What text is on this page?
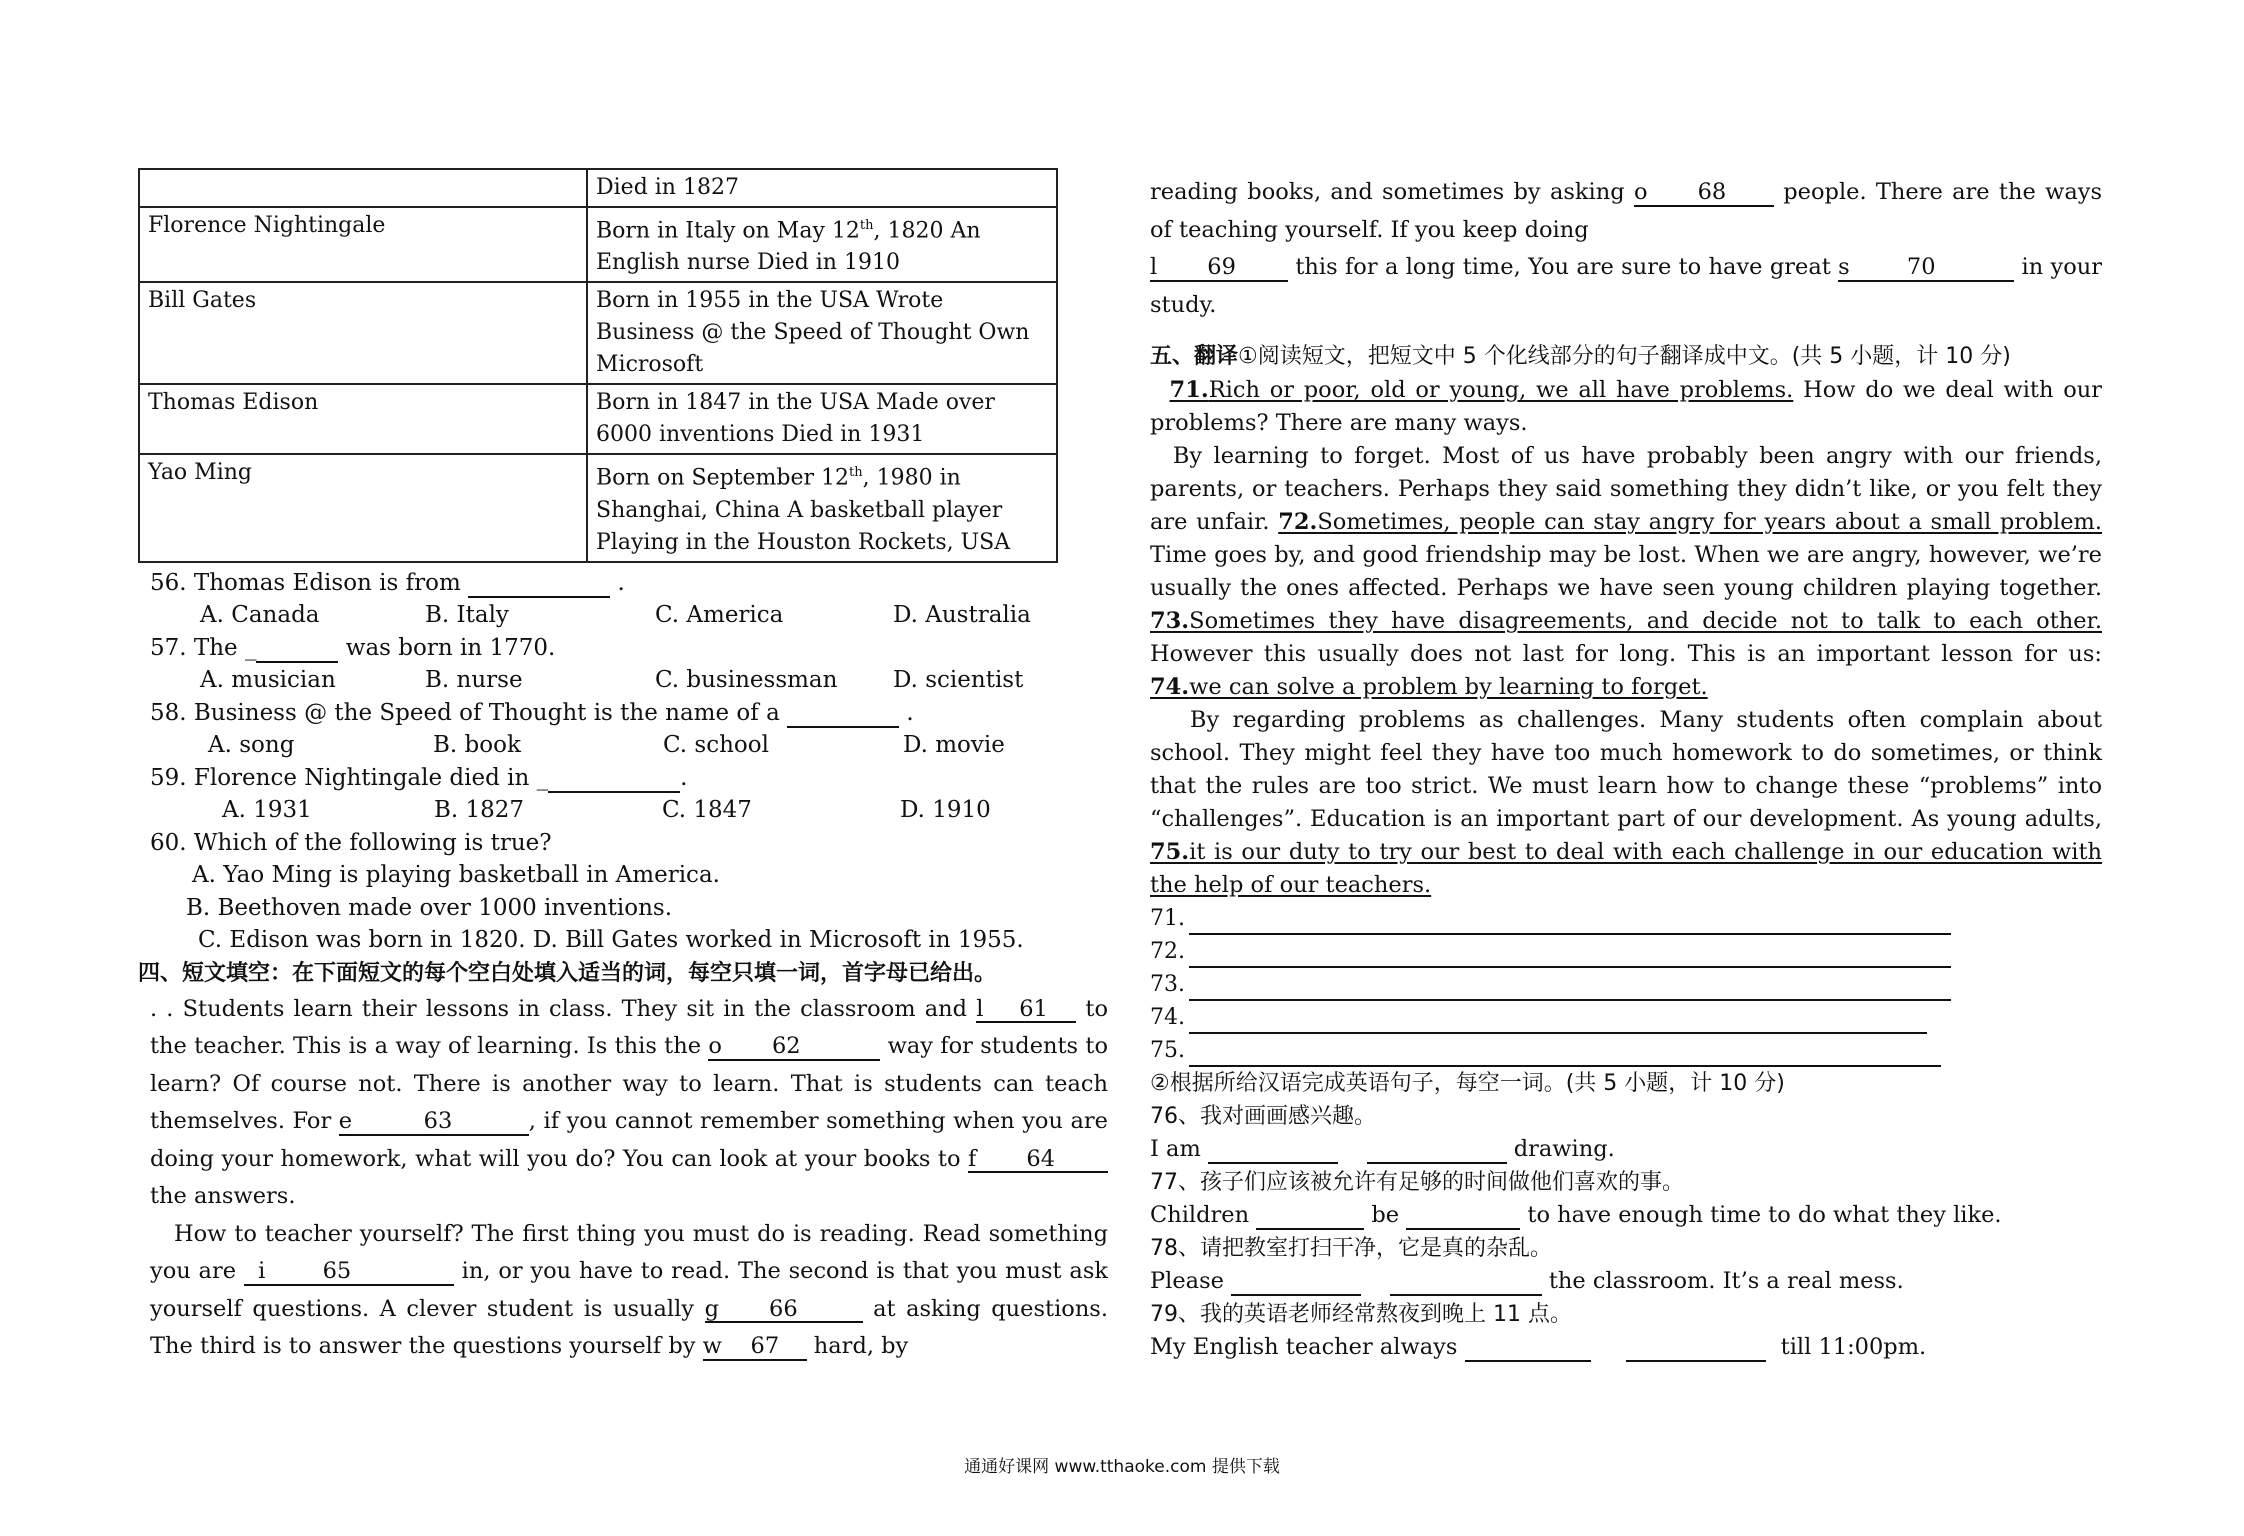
	Died in 1827
Florence Nightingale	Born in Italy on May 12th, 1820 An English nurse Died in 1910
Bill Gates	Born in 1955 in the USA Wrote Business @ the Speed of Thought Own Microsoft
Thomas Edison	Born in 1847 in the USA Made over 6000 inventions Died in 1931
Yao Ming	Born on September 12th, 1980 in Shanghai, China A basketball player Playing in the Houston Rockets, USA
56. Thomas Edison is from	.
A. Canada	B. Italy	C. America	D. Australia
57. The _	was born in 1770.
A. musician	B. nurse	C. businessman	D. scientist
58. Business @ the Speed of Thought is the name of a	.
A. song	B. book	C. school	D. movie
59. Florence Nightingale died in _	.
A. 1931	B. 1827	C. 1847	D. 1910
60. Which of the following is true?
A. Yao Ming is playing basketball in America.
B. Beethoven made over 1000 inventions.
C. Edison was born in 1820. D. Bill Gates worked in Microsoft in 1955.
四、短文填空：在下面短文的每个空白处填入适当的词，每空只填一词，首字母已给出。
. . Students learn their lessons in class. They sit in the classroom and l 61 to the teacher. This is a way of learning. Is this the o 62	way for students to learn? Of course not. There is another way to learn. That is students can teach themselves. For e	63	, if you cannot remember something when you are doing your homework, what will you do? You can look at your books to f 64 the answers.
How to teacher yourself? The first thing you must do is reading. Read something you are i	65	in, or you have to read. The second is that you must ask yourself questions. A clever student is usually g 66	at asking questions. The third is to answer the questions yourself by w 67 hard, by
reading books, and sometimes by asking o 68	people. There are the ways of teaching yourself. If you keep doing
l 69	this for a long time, You are sure to have great s	70	in your study.
五、翻译①阅读短文，把短文中 5 个化线部分的句子翻译成中文。(共 5 小题，计 10 分)
71.Rich or poor, old or young, we all have problems. How do we deal with our problems? There are many ways.
By learning to forget. Most of us have probably been angry with our friends, parents, or teachers. Perhaps they said something they didn’t like, or you felt they are unfair. 72.Sometimes, people can stay angry for years about a small problem. Time goes by, and good friendship may be lost. When we are angry, however, we’re usually the ones affected. Perhaps we have seen young children playing together. 73.Sometimes they have disagreements, and decide not to talk to each other. However this usually does not last for long. This is an important lesson for us: 74.we can solve a problem by learning to forget.
By regarding problems as challenges. Many students often complain about school. They might feel they have too much homework to do sometimes, or think that the rules are too strict. We must learn how to change these “problems” into “challenges”. Education is an important part of our development. As young adults, 75.it is our duty to try our best to deal with each challenge in our education with the help of our teachers.
71.
72.
73.
74.
75.
②根据所给汉语完成英语句子，每空一词。(共 5 小题，计 10 分)
76、我对画画感兴趣。
I am	drawing.
77、孩子们应该被允许有足够的时间做他们喜欢的事。
Children	be	to have enough time to do what they like.
78、请把教室打扫干净，它是真的杂乱。
Please	the classroom. It’s a real mess.
79、我的英语老师经常熬夜到晚上 11 点。
My English teacher always	till 11:00pm.
通通好课网 www.tthaoke.com 提供下载
